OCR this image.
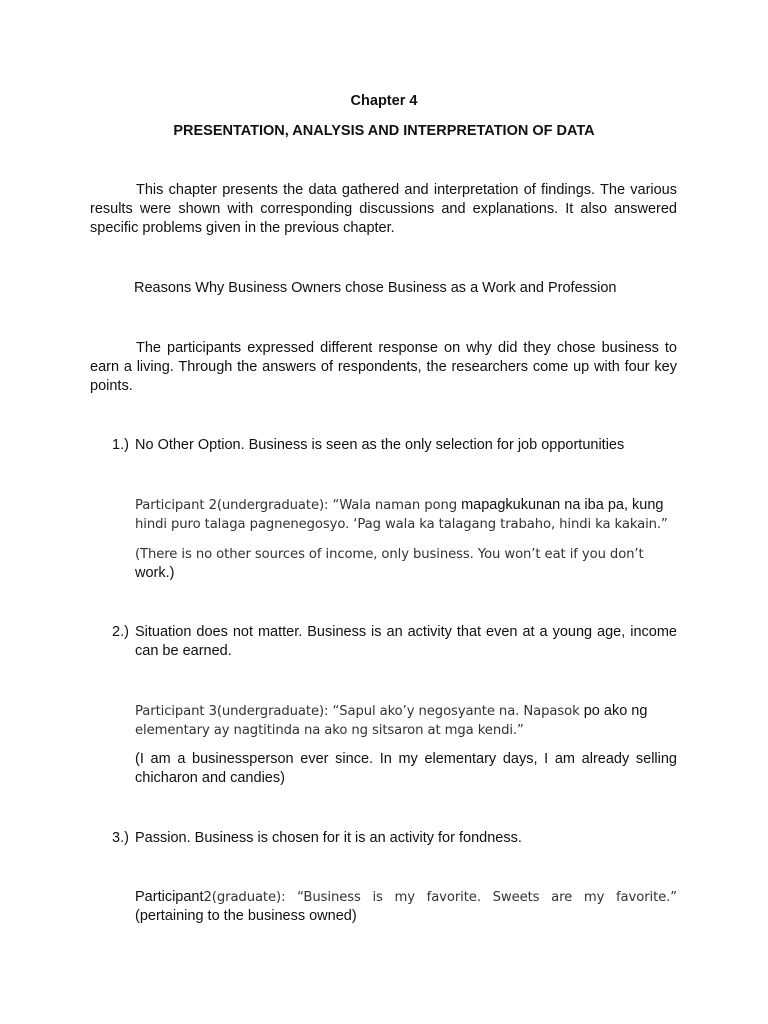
Chapter 4
PRESENTATION, ANALYSIS AND INTERPRETATION OF DATA
This chapter presents the data gathered and interpretation of findings. The various results were shown with corresponding discussions and explanations. It also answered specific problems given in the previous chapter.
Reasons Why Business Owners chose Business as a Work and Profession
The participants expressed different response on why did they chose business to earn a living. Through the answers of respondents, the researchers come up with four key points.
1.) No Other Option. Business is seen as the only selection for job opportunities
Participant 2(undergraduate): “Wala naman pong mapagkukunan na iba pa, kung
hindi puro talaga pagnenegosyo. ‘Pag wala ka talagang trabaho, hindi ka kakain.”
(There is no other sources of income, only business. You won’t eat if you don’t
work.)
2.) Situation does not matter. Business is an activity that even at a young age, income can be earned.
Participant 3(undergraduate): “Sapul ako’y negosyante na. Napasok po ako ng
elementary ay nagtitinda na ako ng sitsaron at mga kendi.”
(I am a businessperson ever since. In my elementary days, I am already selling chicharon and candies)
3.) Passion. Business is chosen for it is an activity for fondness.
Participant 2(graduate): “Business is my favorite. Sweets are my favorite.”
(pertaining to the business owned)
